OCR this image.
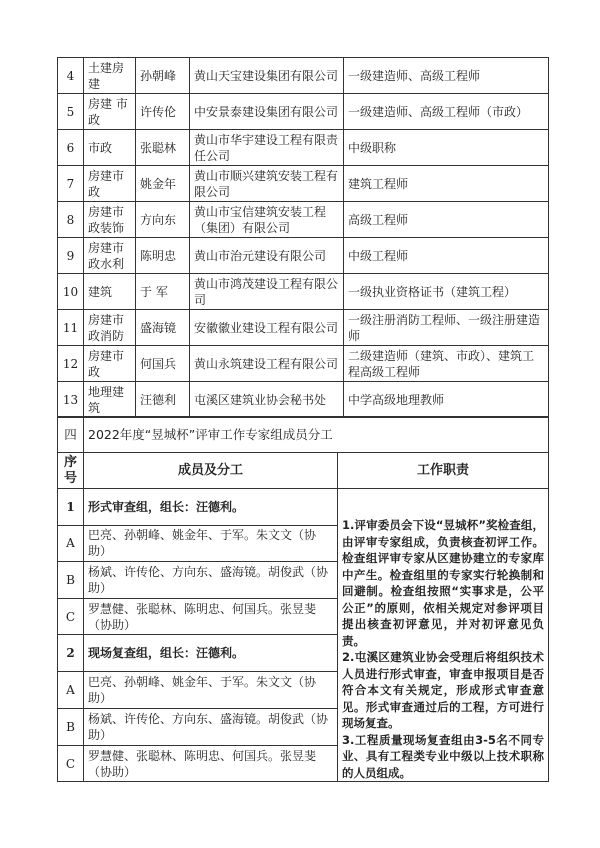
4	土建房建	孙朝峰	黄山天宝建设集团有限公司	一级建造师、高级工程师
5	房建 市政	许传伦	中安景泰建设集团有限公司	一级建造师、高级工程师（市政）
6	市政	张聪林	黄山市华宇建设工程有限责任公司	中级职称
7	房建市政	姚金年	黄山市顺兴建筑安装工程有限公司	建筑工程师
8	房建市政装饰	方向东	黄山市宝信建筑安装工程（集团）有限公司	高级工程师
9	房建市政水利	陈明忠	黄山市治元建设有限公司	中级工程师
10	建筑	于 军	黄山市鸿茂建设工程有限公司	一级执业资格证书（建筑工程）
11	房建市政消防	盛海镜	安徽徽业建设工程有限公司	一级注册消防工程师、一级注册建造师
12	房建市政	何国兵	黄山永筑建设工程有限公司	二级建造师（建筑、市政）、建筑工程高级工程师
13	地理建筑	汪德利	屯溪区建筑业协会秘书处	中学高级地理教师
四	2022年度“昱城杯”评审工作专家组成员分工	
序号	成员及分工	工作职责
1	形式审查组，组长：汪德利。	1.评审委员会下设“昱城杯”奖检查组，由评审专家组成，负责核查初评工作。检查组评审专家从区建协建立的专家库中产生。检查组里的专家实行轮换制和回避制。检查组按照“实事求是，公平公正”的原则，依相关规定对参评项目提出核查初评意见，并对初评意见负责。
2.屯溪区建筑业协会受理后将组织技术人员进行形式审查，审查申报项目是否符合本文有关规定，形成形式审查意见。形式审查通过后的工程，方可进行现场复查。
3.工程质量现场复查组由3-5名不同专业、具有工程类专业中级以上技术职称的人员组成。

A	巴亮、孙朝峰、姚金年、于军。朱文文（协助）	
B	杨斌、许传伦、方向东、盛海镜。胡俊武（协助）	
C	罗慧健、张聪林、陈明忠、何国兵。张昱斐（协助）	
2	现场复查组，组长：汪德利。	
A	巴亮、孙朝峰、姚金年、于军。朱文文（协助）	
B	杨斌、许传伦、方向东、盛海镜。胡俊武（协助）	
C	罗慧健、张聪林、陈明忠、何国兵。张昱斐（协助）	
